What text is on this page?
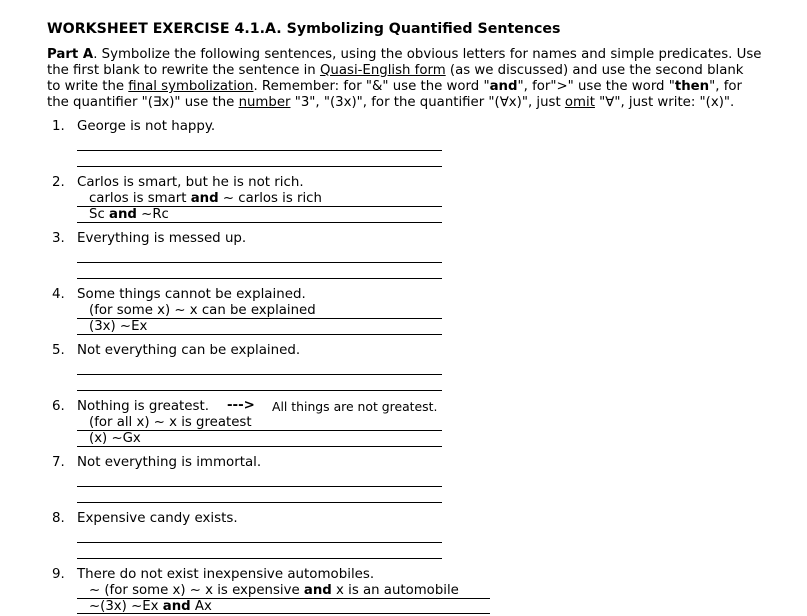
WORKSHEET EXERCISE 4.1.A. Symbolizing Quantified Sentences
Part A. Symbolize the following sentences, using the obvious letters for names and simple predicates. Use
the first blank to rewrite the sentence in Quasi-English form (as we discussed) and use the second blank
to write the final symbolization. Remember: for "&" use the word "and", for">" use the word "then", for
the quantifier "(∃x)" use the number "3", "(3x)", for the quantifier "(∀x)", just omit "∀", just write: "(x)".
1. George is not happy.
2. Carlos is smart, but he is not rich.
carlos is smart and ~ carlos is rich
Sc and ~Rc
3. Everything is messed up.
4. Some things cannot be explained.
(for some x) ~ x can be explained
(3x) ~Ex
5. Not everything can be explained.
6. Nothing is greatest. ---> All things are not greatest.
(for all x) ~ x is greatest
(x) ~Gx
7. Not everything is immortal.
8. Expensive candy exists.
9. There do not exist inexpensive automobiles.
~ (for some x) ~ x is expensive and x is an automobile
~(3x) ~Ex and Ax
